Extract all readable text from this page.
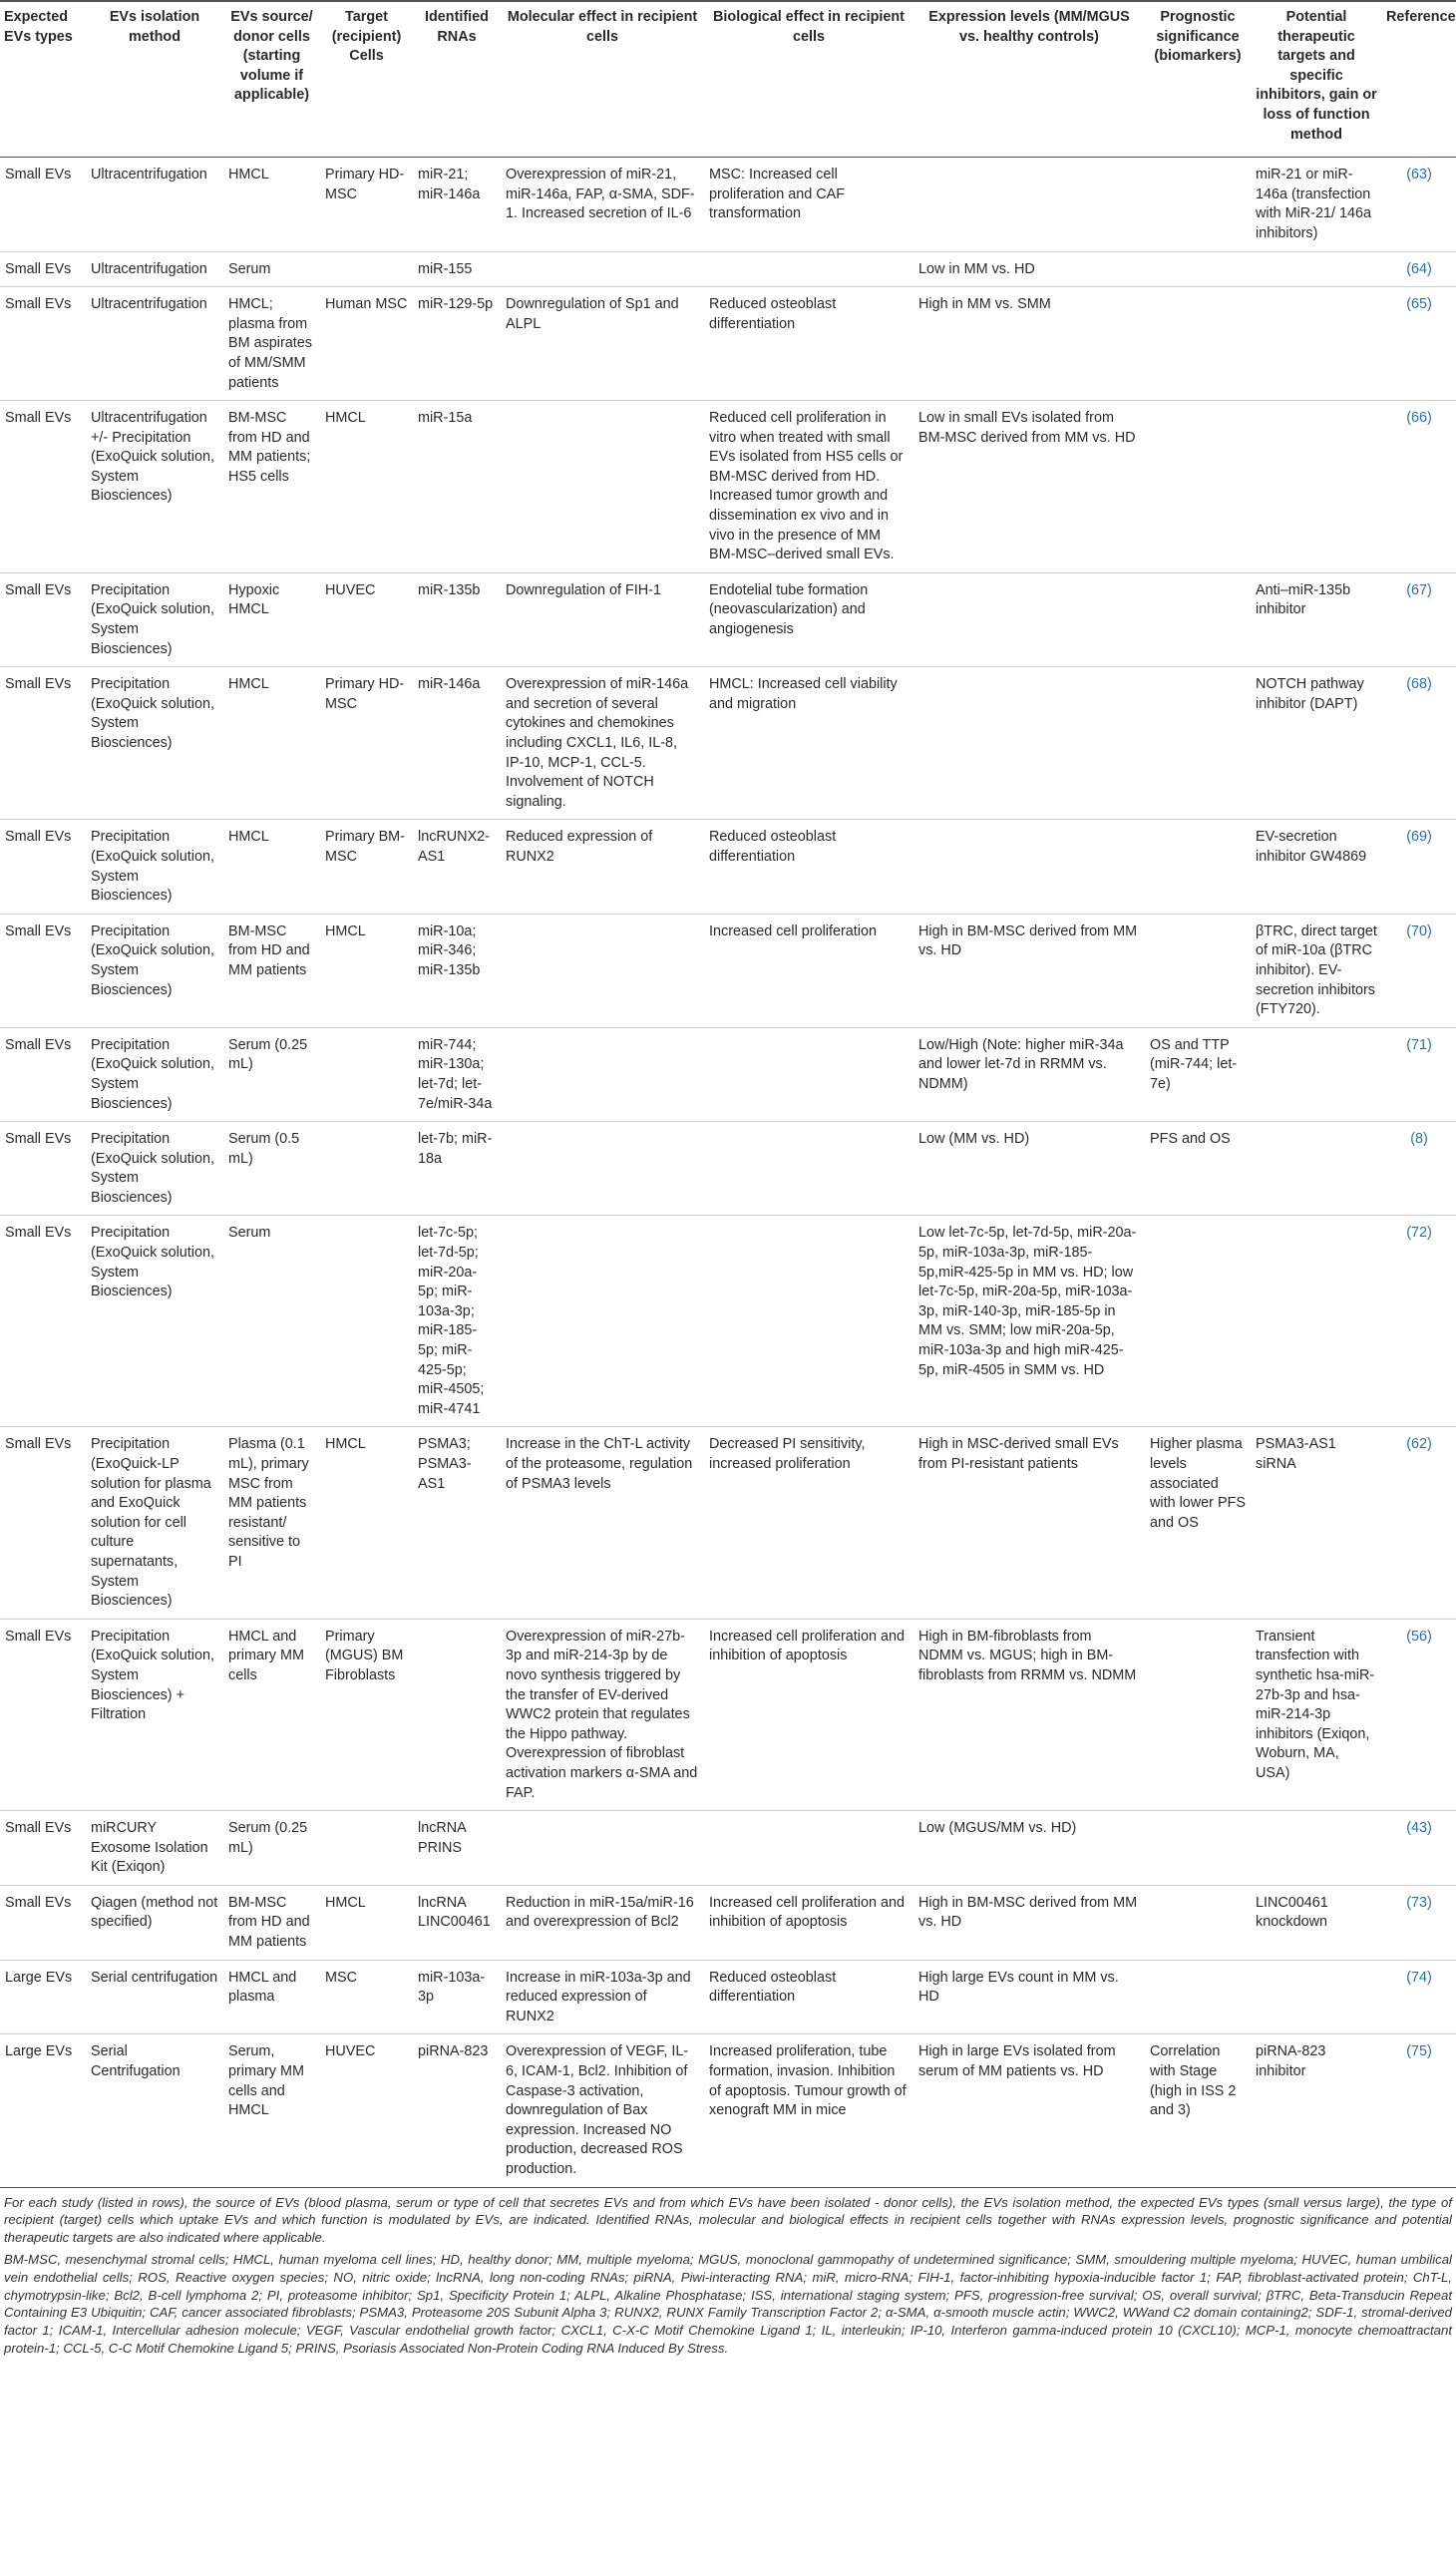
Expected EVs types	EVs isolation method	EVs source/ donor cells (starting volume if applicable)	Target (recipient) Cells	Identified RNAs	Molecular effect in recipient cells	Biological effect in recipient cells	Expression levels (MM/MGUS vs. healthy controls)	Prognostic significance (biomarkers)	Potential therapeutic targets and specific inhibitors, gain or loss of function method	Reference
Small EVs	Ultracentrifugation	HMCL	Primary HD-MSC	miR-21; miR-146a	Overexpression of miR-21, miR-146a, FAP, α-SMA, SDF-1. Increased secretion of IL-6	MSC: Increased cell proliferation and CAF transformation			miR-21 or miR-146a (transfection with MiR-21/ 146a inhibitors)	(63)
Small EVs	Ultracentrifugation	Serum		miR-155			Low in MM vs. HD			(64)
Small EVs	Ultracentrifugation	HMCL; plasma from BM aspirates of MM/SMM patients	Human MSC	miR-129-5p	Downregulation of Sp1 and ALPL	Reduced osteoblast differentiation	High in MM vs. SMM			(65)
Small EVs	Ultracentrifugation +/- Precipitation (ExoQuick solution, System Biosciences)	BM-MSC from HD and MM patients; HS5 cells	HMCL	miR-15a		Reduced cell proliferation in vitro when treated with small EVs isolated from HS5 cells or BM-MSC derived from HD. Increased tumor growth and dissemination ex vivo and in vivo in the presence of MM BM-MSC–derived small EVs.	Low in small EVs isolated from BM-MSC derived from MM vs. HD			(66)
Small EVs	Precipitation (ExoQuick solution, System Biosciences)	Hypoxic HMCL	HUVEC	miR-135b	Downregulation of FIH-1	Endotelial tube formation (neovascularization) and angiogenesis			Anti–miR-135b inhibitor	(67)
Small EVs	Precipitation (ExoQuick solution, System Biosciences)	HMCL	Primary HD-MSC	miR-146a	Overexpression of miR-146a and secretion of several cytokines and chemokines including CXCL1, IL6, IL-8, IP-10, MCP-1, CCL-5. Involvement of NOTCH signaling.	HMCL: Increased cell viability and migration			NOTCH pathway inhibitor (DAPT)	(68)
Small EVs	Precipitation (ExoQuick solution, System Biosciences)	HMCL	Primary BM-MSC	lncRUNX2-AS1	Reduced expression of RUNX2	Reduced osteoblast differentiation			EV-secretion inhibitor GW4869	(69)
Small EVs	Precipitation (ExoQuick solution, System Biosciences)	BM-MSC from HD and MM patients	HMCL	miR-10a; miR-346; miR-135b		Increased cell proliferation	High in BM-MSC derived from MM vs. HD		βTRC, direct target of miR-10a (βTRC inhibitor). EV-secretion inhibitors (FTY720).	(70)
Small EVs	Precipitation (ExoQuick solution, System Biosciences)	Serum (0.25 mL)		miR-744; miR-130a; let-7d; let-7e/miR-34a			Low/High (Note: higher miR-34a and lower let-7d in RRMM vs. NDMM)	OS and TTP (miR-744; let-7e)		(71)
Small EVs	Precipitation (ExoQuick solution, System Biosciences)	Serum (0.5 mL)		let-7b; miR-18a			Low (MM vs. HD)	PFS and OS		(8)
Small EVs	Precipitation (ExoQuick solution, System Biosciences)	Serum		let-7c-5p; let-7d-5p; miR-20a-5p; miR-103a-3p; miR-185-5p; miR-425-5p; miR-4505; miR-4741			Low let-7c-5p, let-7d-5p, miR-20a-5p, miR-103a-3p, miR-185-5p,miR-425-5p in MM vs. HD; low let-7c-5p, miR-20a-5p, miR-103a-3p, miR-140-3p, miR-185-5p in MM vs. SMM; low miR-20a-5p, miR-103a-3p and high miR-425-5p, miR-4505 in SMM vs. HD			(72)
Small EVs	Precipitation (ExoQuick-LP solution for plasma and ExoQuick solution for cell culture supernatants, System Biosciences)	Plasma (0.1 mL), primary MSC from MM patients resistant/ sensitive to PI	HMCL	PSMA3; PSMA3-AS1	Increase in the ChT-L activity of the proteasome, regulation of PSMA3 levels	Decreased PI sensitivity, increased proliferation	High in MSC-derived small EVs from PI-resistant patients	Higher plasma levels associated with lower PFS and OS	PSMA3-AS1 siRNA	(62)
Small EVs	Precipitation (ExoQuick solution, System Biosciences) + Filtration	HMCL and primary MM cells	Primary (MGUS) BM Fibroblasts		Overexpression of miR-27b-3p and miR-214-3p by de novo synthesis triggered by the transfer of EV-derived WWC2 protein that regulates the Hippo pathway. Overexpression of fibroblast activation markers α-SMA and FAP.	Increased cell proliferation and inhibition of apoptosis	High in BM-fibroblasts from NDMM vs. MGUS; high in BM-fibroblasts from RRMM vs. NDMM		Transient transfection with synthetic hsa-miR-27b-3p and hsa-miR-214-3p inhibitors (Exiqon, Woburn, MA, USA)	(56)
Small EVs	miRCURY Exosome Isolation Kit (Exiqon)	Serum (0.25 mL)		lncRNA PRINS			Low (MGUS/MM vs. HD)			(43)
Small EVs	Qiagen (method not specified)	BM-MSC from HD and MM patients	HMCL	lncRNA LINC00461	Reduction in miR-15a/miR-16 and overexpression of Bcl2	Increased cell proliferation and inhibition of apoptosis	High in BM-MSC derived from MM vs. HD		LINC00461 knockdown	(73)
Large EVs	Serial centrifugation	HMCL and plasma	MSC	miR-103a-3p	Increase in miR-103a-3p and reduced expression of RUNX2	Reduced osteoblast differentiation	High large EVs count in MM vs. HD			(74)
Large EVs	Serial Centrifugation	Serum, primary MM cells and HMCL	HUVEC	piRNA-823	Overexpression of VEGF, IL-6, ICAM-1, Bcl2. Inhibition of Caspase-3 activation, downregulation of Bax expression. Increased NO production, decreased ROS production.	Increased proliferation, tube formation, invasion. Inhibition of apoptosis. Tumour growth of xenograft MM in mice	High in large EVs isolated from serum of MM patients vs. HD	Correlation with Stage (high in ISS 2 and 3)	piRNA-823 inhibitor	(75)

For each study (listed in rows), the source of EVs (blood plasma, serum or type of cell that secretes EVs and from which EVs have been isolated - donor cells), the EVs isolation method, the expected EVs types (small versus large), the type of recipient (target) cells which uptake EVs and which function is modulated by EVs, are indicated. Identified RNAs, molecular and biological effects in recipient cells together with RNAs expression levels, prognostic significance and potential therapeutic targets are also indicated where applicable.

BM-MSC, mesenchymal stromal cells; HMCL, human myeloma cell lines; HD, healthy donor; MM, multiple myeloma; MGUS, monoclonal gammopathy of undetermined significance; SMM, smouldering multiple myeloma; HUVEC, human umbilical vein endothelial cells; ROS, Reactive oxygen species; NO, nitric oxide; lncRNA, long non-coding RNAs; piRNA, Piwi-interacting RNA; miR, micro-RNA; FIH-1, factor-inhibiting hypoxia-inducible factor 1; FAP, fibroblast-activated protein; ChT-L, chymotrypsin-like; Bcl2, B-cell lymphoma 2; PI, proteasome inhibitor; Sp1, Specificity Protein 1; ALPL, Alkaline Phosphatase; ISS, international staging system; PFS, progression-free survival; OS, overall survival; βTRC, Beta-Transducin Repeat Containing E3 Ubiquitin; CAF, cancer associated fibroblasts; PSMA3, Proteasome 20S Subunit Alpha 3; RUNX2, RUNX Family Transcription Factor 2; α-SMA, α-smooth muscle actin; WWC2, WWand C2 domain containing2; SDF-1, stromal-derived factor 1; ICAM-1, Intercellular adhesion molecule; VEGF, Vascular endothelial growth factor; CXCL1, C-X-C Motif Chemokine Ligand 1; IL, interleukin; IP-10, Interferon gamma-induced protein 10 (CXCL10); MCP-1, monocyte chemoattractant protein-1; CCL-5, C-C Motif Chemokine Ligand 5; PRINS, Psoriasis Associated Non-Protein Coding RNA Induced By Stress.
